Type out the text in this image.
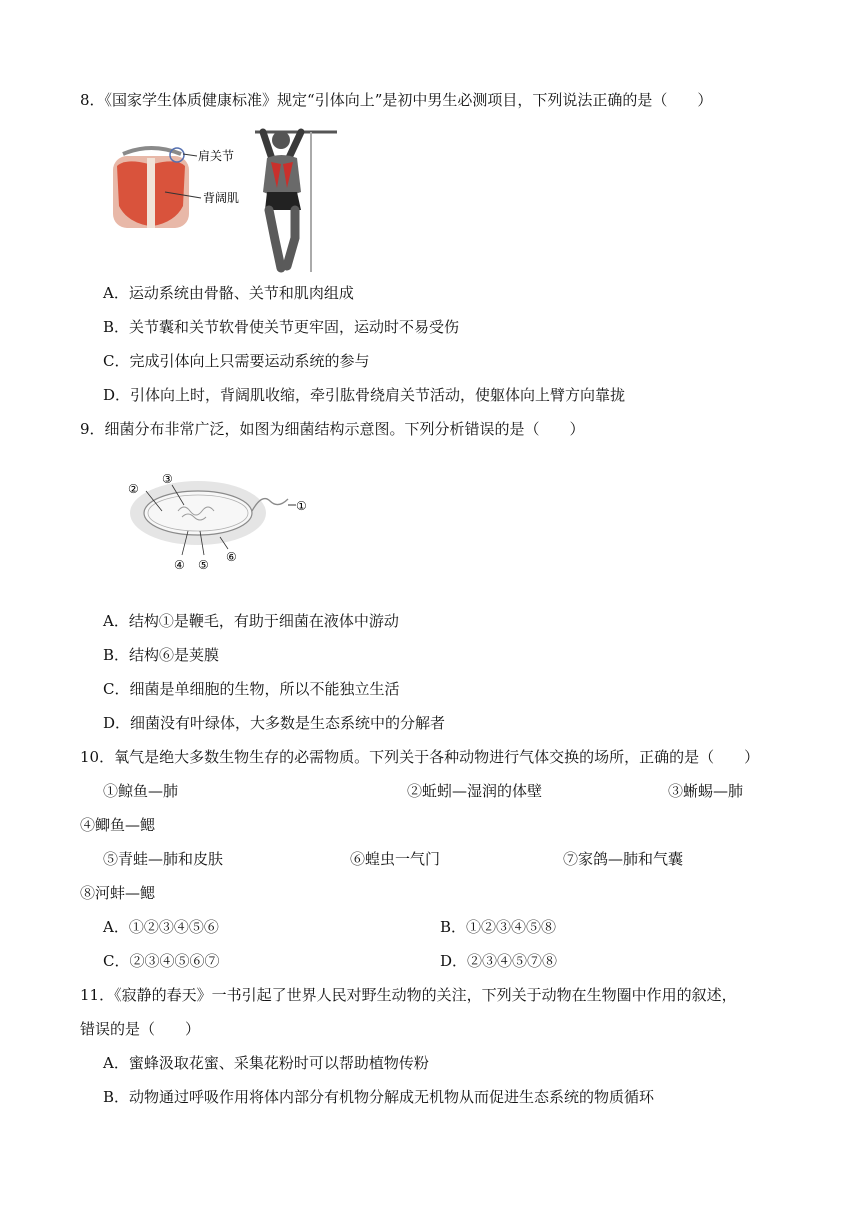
8．《国家学生体质健康标准》规定“引体向上”是初中男生必测项目，下列说法正确的是（　　）
肩关节
背阔肌
A．运动系统由骨骼、关节和肌肉组成
B．关节囊和关节软骨使关节更牢固，运动时不易受伤
C．完成引体向上只需要运动系统的参与
D．引体向上时，背阔肌收缩，牵引肱骨绕肩关节活动，使躯体向上臂方向靠拢
9．细菌分布非常广泛，如图为细菌结构示意图。下列分析错误的是（　　）
①
②
③
④ ⑤
⑥
A．结构①是鞭毛，有助于细菌在液体中游动
B．结构⑥是荚膜
C．细菌是单细胞的生物，所以不能独立生活
D．细菌没有叶绿体，大多数是生态系统中的分解者
10．氧气是绝大多数生物生存的必需物质。下列关于各种动物进行气体交换的场所，正确的是（　　）
①鲸鱼—肺	②蚯蚓—湿润的体壁	③蜥蜴—肺
④鲫鱼—鳃
⑤青蛙—肺和皮肤	⑥蝗虫一气门	⑦家鸽—肺和气囊
⑧河蚌—鳃
A．①②③④⑤⑥	B．①②③④⑤⑧
C．②③④⑤⑥⑦	D．②③④⑤⑦⑧
11．《寂静的春天》一书引起了世界人民对野生动物的关注，下列关于动物在生物圈中作用的叙述，
错误的是（　　）
A．蜜蜂汲取花蜜、采集花粉时可以帮助植物传粉
B．动物通过呼吸作用将体内部分有机物分解成无机物从而促进生态系统的物质循环
